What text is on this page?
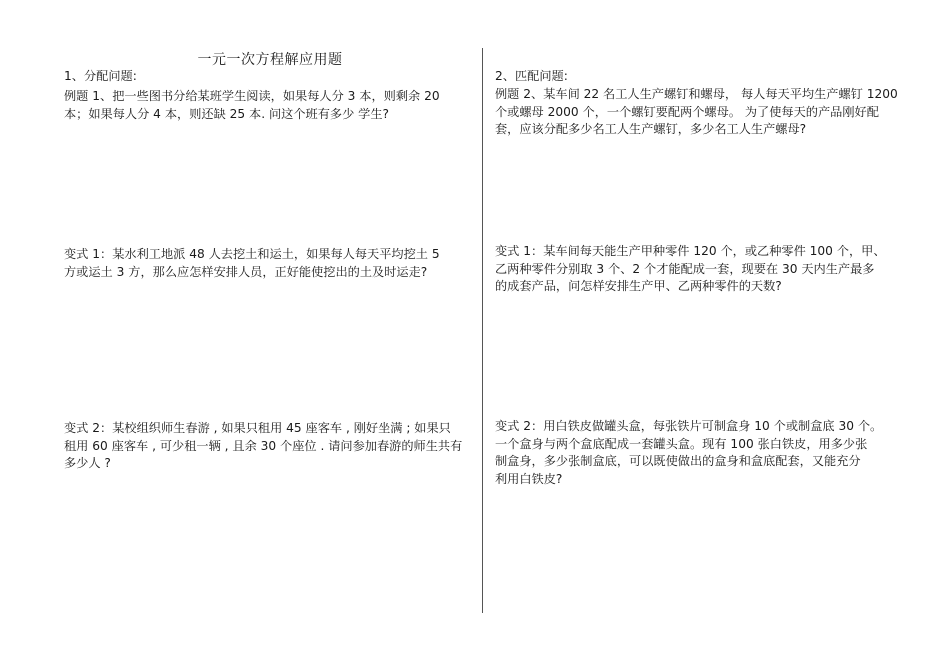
一元一次方程解应用题
1、分配问题:
例题 1、把一些图书分给某班学生阅读，如果每人分 3 本，则剩余 20
本；如果每人分 4 本，则还缺 25 本. 问这个班有多少 学生?
变式 1：某水利工地派 48 人去挖土和运土，如果每人每天平均挖土 5
方或运土 3 方，那么应怎样安排人员，正好能使挖出的土及时运走?
变式 2：某校组织师生春游 , 如果只租用 45 座客车 , 刚好坐满 ; 如果只
租用 60 座客车 , 可少租一辆 , 且余 30 个座位 . 请问参加春游的师生共有
多少人 ?
2、匹配问题:
例题 2、某车间 22 名工人生产螺钉和螺母， 每人每天平均生产螺钉 1200
个或螺母 2000 个，一个螺钉要配两个螺母。 为了使每天的产品刚好配
套，应该分配多少名工人生产螺钉，多少名工人生产螺母?
变式 1：某车间每天能生产甲种零件 120 个，或乙种零件 100 个，甲、
乙两种零件分别取 3 个、2 个才能配成一套，现要在 30 天内生产最多
的成套产品，问怎样安排生产甲、乙两种零件的天数?
变式 2：用白铁皮做罐头盒，每张铁片可制盒身 10 个或制盒底 30 个。
一个盒身与两个盒底配成一套罐头盒。现有 100 张白铁皮，用多少张
制盒身，多少张制盒底，可以既使做出的盒身和盒底配套，又能充分
利用白铁皮?
